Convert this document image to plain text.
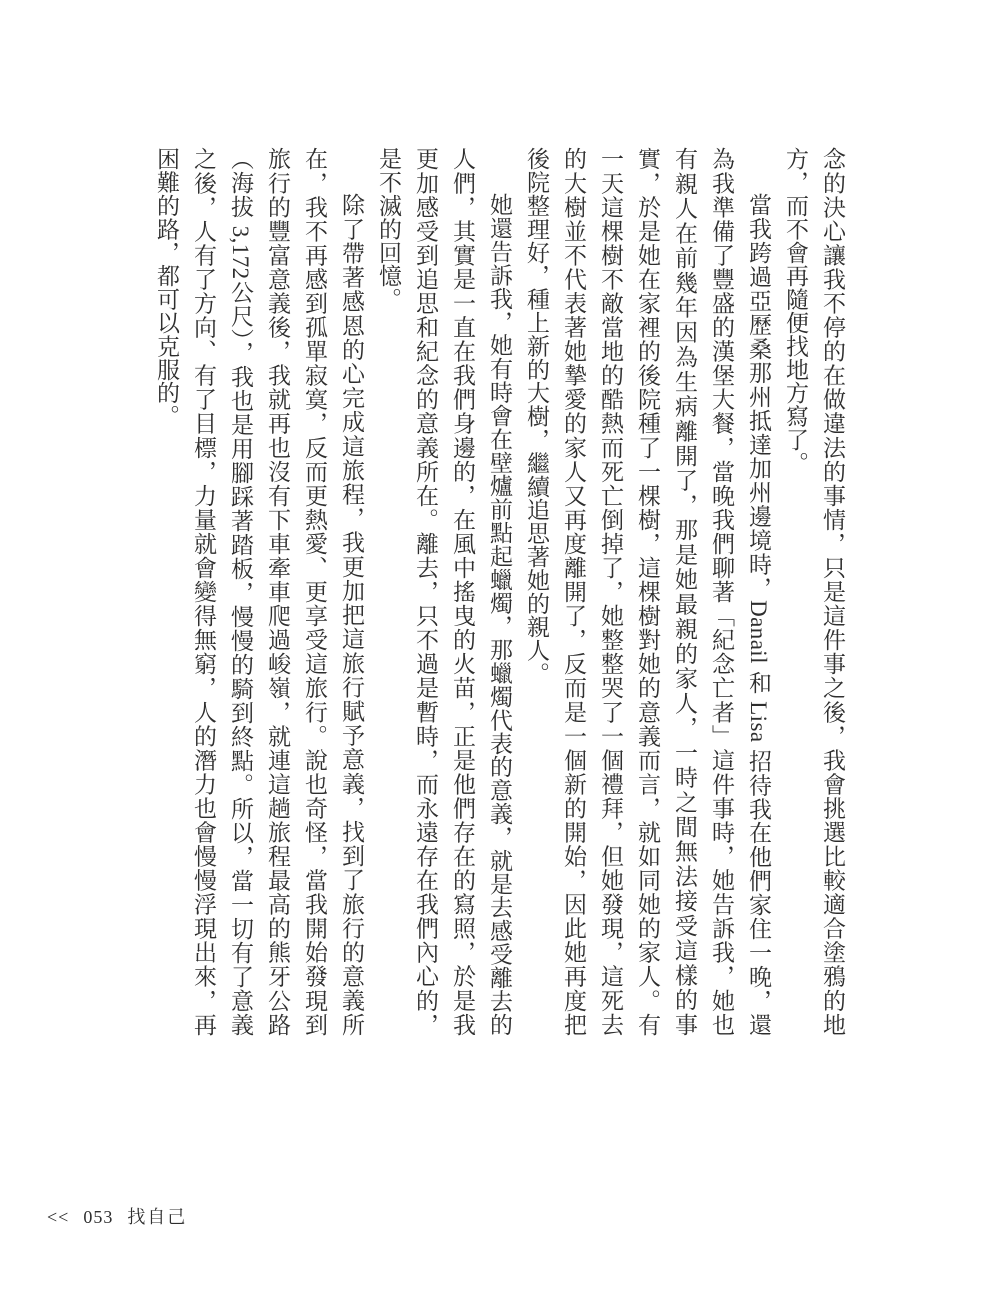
念的決心讓我不停的在做違法的事情，只是這件事之後，我會挑選比較適合塗鴉的地方，而不會再隨便找地方寫了。

當我跨過亞歷桑那州抵達加州邊境時，Danail 和 Lisa 招待我在他們家住一晚，還為我準備了豐盛的漢堡大餐，當晚我們聊著「紀念亡者」這件事時，她告訴我，她也有親人在前幾年因為生病離開了，那是她最親的家人，一時之間無法接受這樣的事實，於是她在家裡的後院種了一棵樹，這棵樹對她的意義而言，就如同她的家人。有一天這棵樹不敵當地的酷熱而死亡倒掉了，她整整哭了一個禮拜，但她發現，這死去的大樹並不代表著她摯愛的家人又再度離開了，反而是一個新的開始，因此她再度把後院整理好，種上新的大樹，繼續追思著她的親人。

她還告訴我，她有時會在壁爐前點起蠟燭，那蠟燭代表的意義，就是去感受離去的人們，其實是一直在我們身邊的，在風中搖曳的火苗，正是他們存在的寫照，於是我更加感受到追思和紀念的意義所在。離去，只不過是暫時，而永遠存在我們內心的，是不滅的回憶。

除了帶著感恩的心完成這旅程，我更加把這旅行賦予意義，找到了旅行的意義所在，我不再感到孤單寂寞，反而更熱愛、更享受這旅行。說也奇怪，當我開始發現到旅行的豐富意義後，我就再也沒有下車牽車爬過峻嶺，就連這趟旅程最高的熊牙公路（海拔 3,172公尺），我也是用腳踩著踏板，慢慢的騎到終點。所以，當一切有了意義之後，人有了方向、有了目標，力量就會變得無窮，人的潛力也會慢慢浮現出來，再困難的路，都可以克服的。

<< 053 找自己
